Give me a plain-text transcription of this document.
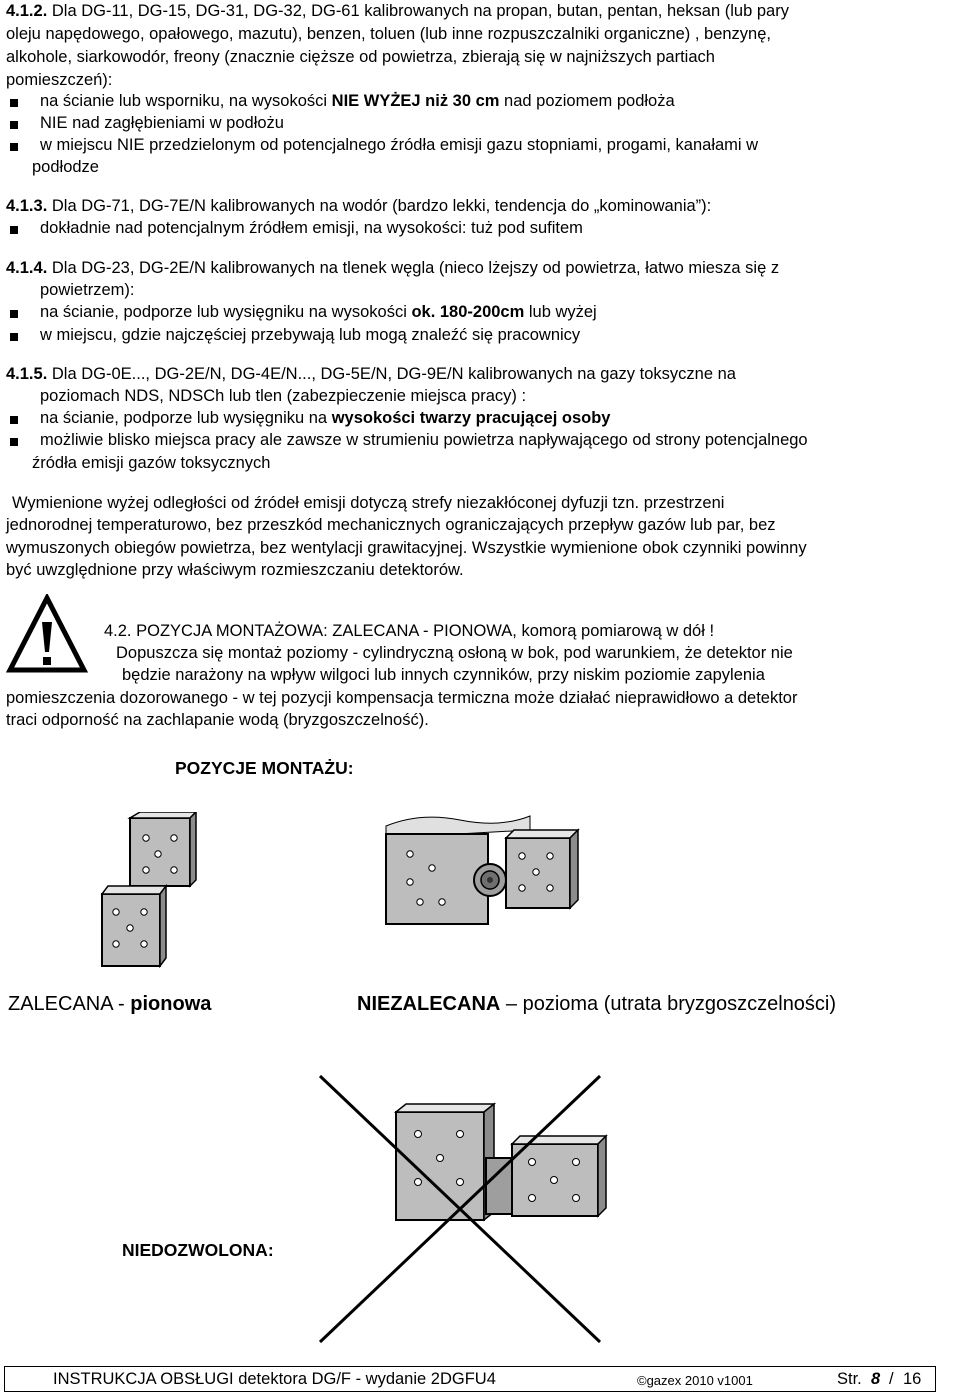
4.1.2. Dla DG-11, DG-15, DG-31, DG-32, DG-61 kalibrowanych na propan, butan, pentan, heksan (lub pary
oleju napędowego, opałowego, mazutu), benzen, toluen (lub inne rozpuszczalniki organiczne) , benzynę,
alkohole, siarkowodór, freony (znacznie cięższe od powietrza, zbierają się w najniższych partiach
pomieszczeń):
na ścianie lub wsporniku, na wysokości NIE WYŻEJ niż 30 cm nad poziomem podłoża
NIE nad zagłębieniami w podłożu
w miejscu NIE przedzielonym od potencjalnego źródła emisji gazu stopniami, progami, kanałami w
podłodze
4.1.3. Dla DG-71, DG-7E/N kalibrowanych na wodór (bardzo lekki, tendencja do „kominowania”):
dokładnie nad potencjalnym źródłem emisji, na wysokości: tuż pod sufitem
4.1.4. Dla DG-23, DG-2E/N kalibrowanych na tlenek węgla (nieco lżejszy od powietrza, łatwo miesza się z
powietrzem):
na ścianie, podporze lub wysięgniku na wysokości ok. 180-200cm lub wyżej
w miejscu, gdzie najczęściej przebywają lub mogą znaleźć się pracownicy
4.1.5. Dla DG-0E..., DG-2E/N, DG-4E/N..., DG-5E/N, DG-9E/N kalibrowanych na gazy toksyczne na
poziomach NDS, NDSCh lub tlen (zabezpieczenie miejsca pracy) :
na ścianie, podporze lub wysięgniku na wysokości twarzy pracującej osoby
możliwie blisko miejsca pracy ale zawsze w strumieniu powietrza napływającego od strony potencjalnego
źródła emisji gazów toksycznych
Wymienione wyżej odległości od źródeł emisji dotyczą strefy niezakłóconej dyfuzji tzn. przestrzeni
jednorodnej temperaturowo, bez przeszkód mechanicznych ograniczających przepływ gazów lub par, bez
wymuszonych obiegów powietrza, bez wentylacji grawitacyjnej. Wszystkie wymienione obok czynniki powinny
być uwzględnione przy właściwym rozmieszczaniu detektorów.
4.2. POZYCJA MONTAŻOWA: ZALECANA - PIONOWA, komorą pomiarową w dół !
Dopuszcza się montaż poziomy - cylindryczną osłoną w bok, pod warunkiem, że detektor nie
będzie narażony na wpływ wilgoci lub innych czynników, przy niskim poziomie zapylenia
pomieszczenia dozorowanego - w tej pozycji kompensacja termiczna może działać nieprawidłowo a detektor
traci odporność na zachlapanie wodą (bryzgoszczelność).
POZYCJE MONTAŻU:
ZALECANA - pionowa	NIEZALECANA – pozioma (utrata bryzgoszczelności)
NIEDOZWOLONA:
INSTRUKCJA OBSŁUGI detektora DG/F - wydanie 2DGFU4	©gazex 2010 v1001	Str. 8 / 16
